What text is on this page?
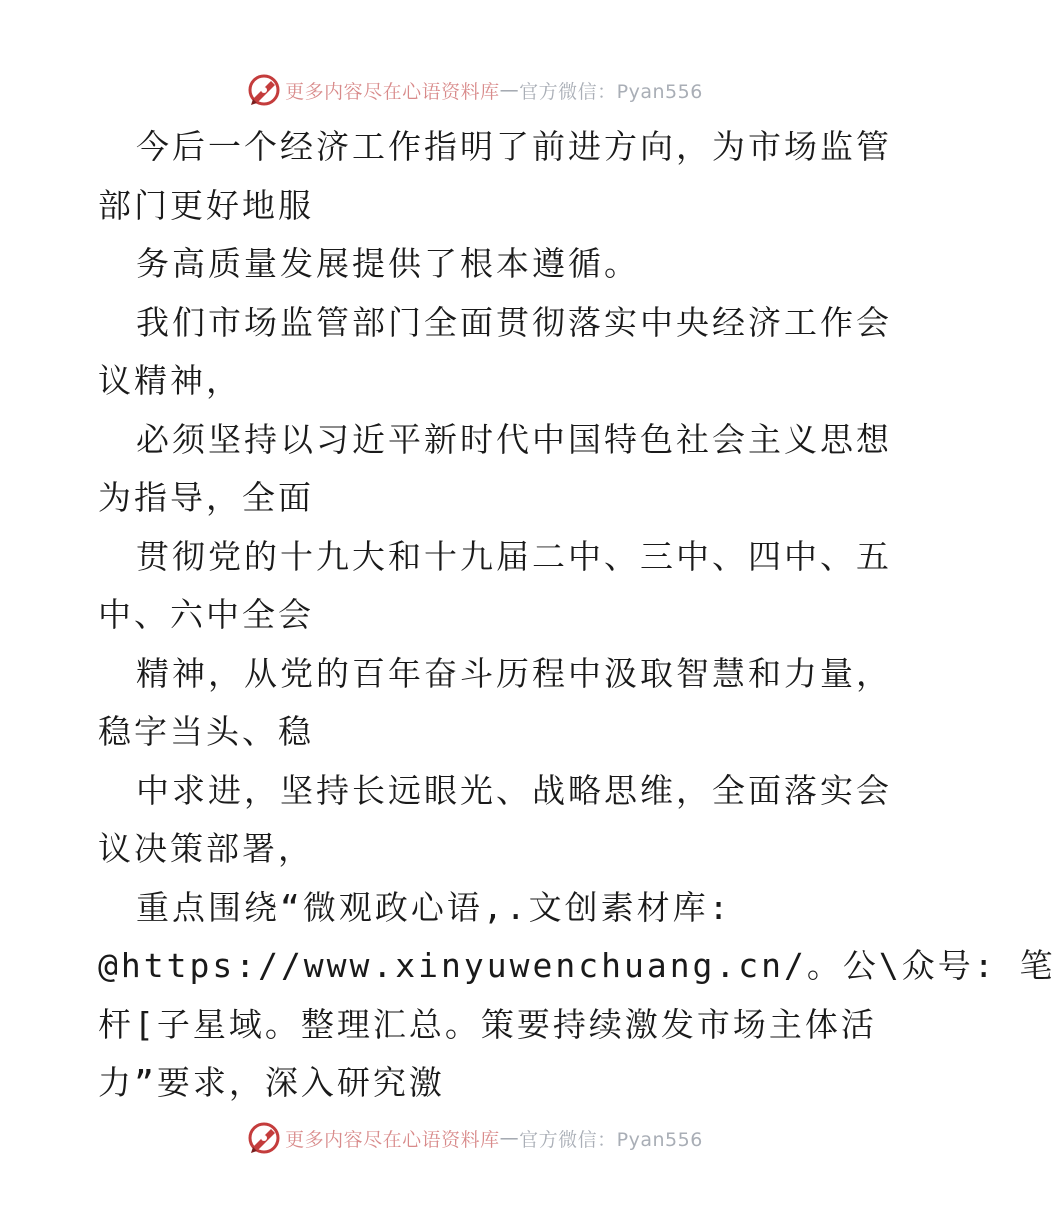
更多内容尽在心语资料库 — 官方微信：Pyan556
今后一个经济工作指明了前进方向，为市场监管
部门更好地服
务高质量发展提供了根本遵循。
我们市场监管部门全面贯彻落实中央经济工作会
议精神，
必须坚持以习近平新时代中国特色社会主义思想
为指导，全面
贯彻党的十九大和十九届二中、三中、四中、五
中、六中全会
精神，从党的百年奋斗历程中汲取智慧和力量，
稳字当头、稳
中求进，坚持长远眼光、战略思维，全面落实会
议决策部署，
重点围绕“微观政心语,.文创素材库:
@https://www.xinyuwenchuang.cn/。公\众号: 笔
杆[子星域。整理汇总。策要持续激发市场主体活
力”要求，深入研究激
更多内容尽在心语资料库 — 官方微信：Pyan556
